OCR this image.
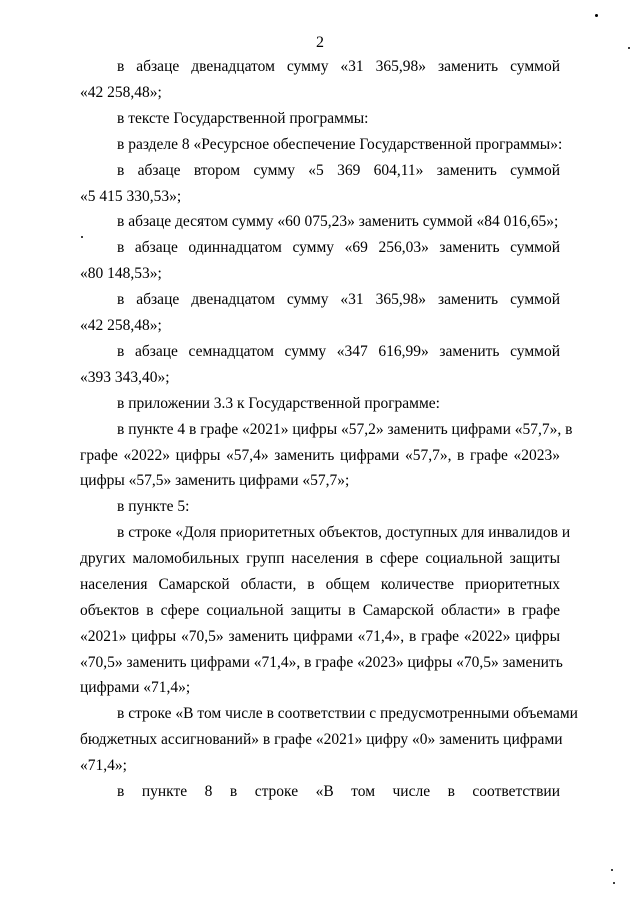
2
в абзаце двенадцатом сумму «31 365,98» заменить суммой
«42 258,48»;
в тексте Государственной программы:
в разделе 8 «Ресурсное обеспечение Государственной программы»:
в абзаце втором сумму «5 369 604,11» заменить суммой
«5 415 330,53»;
в абзаце десятом сумму «60 075,23» заменить суммой «84 016,65»;
в абзаце одиннадцатом сумму «69 256,03» заменить суммой
«80 148,53»;
в абзаце двенадцатом сумму «31 365,98» заменить суммой
«42 258,48»;
в абзаце семнадцатом сумму «347 616,99» заменить суммой
«393 343,40»;
в приложении 3.3 к Государственной программе:
в пункте 4 в графе «2021» цифры «57,2» заменить цифрами «57,7», в
графе «2022» цифры «57,4» заменить цифрами «57,7», в графе «2023»
цифры «57,5» заменить цифрами «57,7»;
в пункте 5:
в строке «Доля приоритетных объектов, доступных для инвалидов и
других маломобильных групп населения в сфере социальной защиты
населения Самарской области, в общем количестве приоритетных
объектов в сфере социальной защиты в Самарской области» в графе
«2021» цифры «70,5» заменить цифрами «71,4», в графе «2022» цифры
«70,5» заменить цифрами «71,4», в графе «2023» цифры «70,5» заменить
цифрами «71,4»;
в строке «В том числе в соответствии с предусмотренными объемами
бюджетных ассигнований» в графе «2021» цифру «0» заменить цифрами
«71,4»;
в пункте 8 в строке «В том числе в соответствии
